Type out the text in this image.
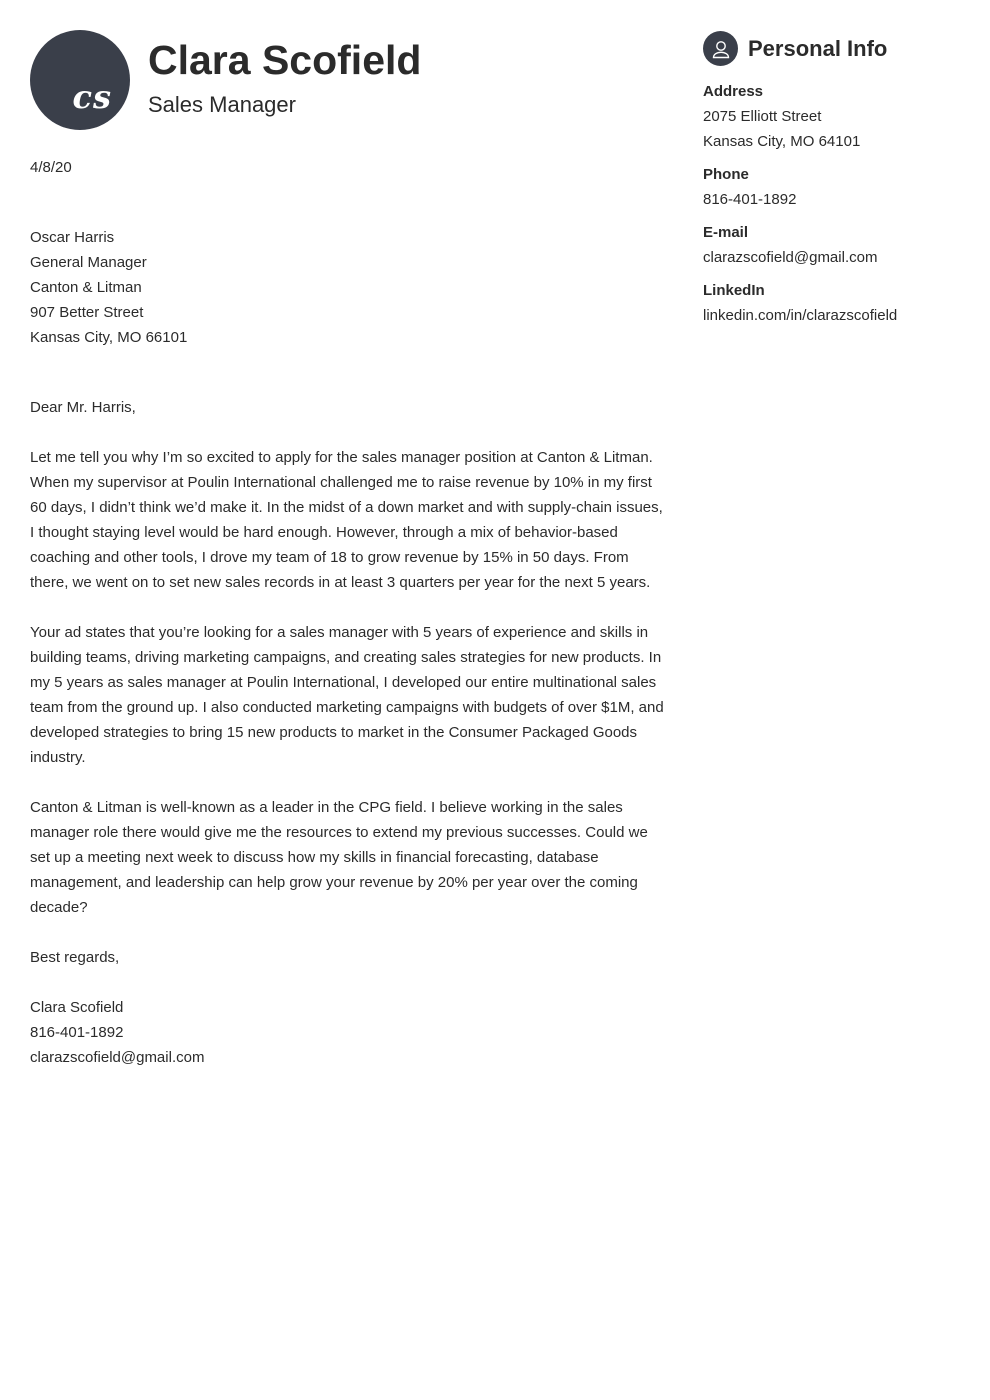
cs
Clara Scofield
Sales Manager
4/8/20
Oscar Harris
General Manager
Canton & Litman
907 Better Street
Kansas City, MO 66101
Dear Mr. Harris,
Let me tell you why I’m so excited to apply for the sales manager position at Canton & Litman. When my supervisor at Poulin International challenged me to raise revenue by 10% in my first 60 days, I didn’t think we’d make it. In the midst of a down market and with supply-chain issues, I thought staying level would be hard enough. However, through a mix of behavior-based coaching and other tools, I drove my team of 18 to grow revenue by 15% in 50 days. From there, we went on to set new sales records in at least 3 quarters per year for the next 5 years.
Your ad states that you’re looking for a sales manager with 5 years of experience and skills in building teams, driving marketing campaigns, and creating sales strategies for new products. In my 5 years as sales manager at Poulin International, I developed our entire multinational sales team from the ground up. I also conducted marketing campaigns with budgets of over $1M, and developed strategies to bring 15 new products to market in the Consumer Packaged Goods industry.
Canton & Litman is well-known as a leader in the CPG field. I believe working in the sales manager role there would give me the resources to extend my previous successes. Could we set up a meeting next week to discuss how my skills in financial forecasting, database management, and leadership can help grow your revenue by 20% per year over the coming decade?
Best regards,
Clara Scofield
816-401-1892
clarazscofield@gmail.com
Personal Info
Address
2075 Elliott Street
Kansas City, MO 64101
Phone
816-401-1892
E-mail
clarazscofield@gmail.com
LinkedIn
linkedin.com/in/clarazscofield
